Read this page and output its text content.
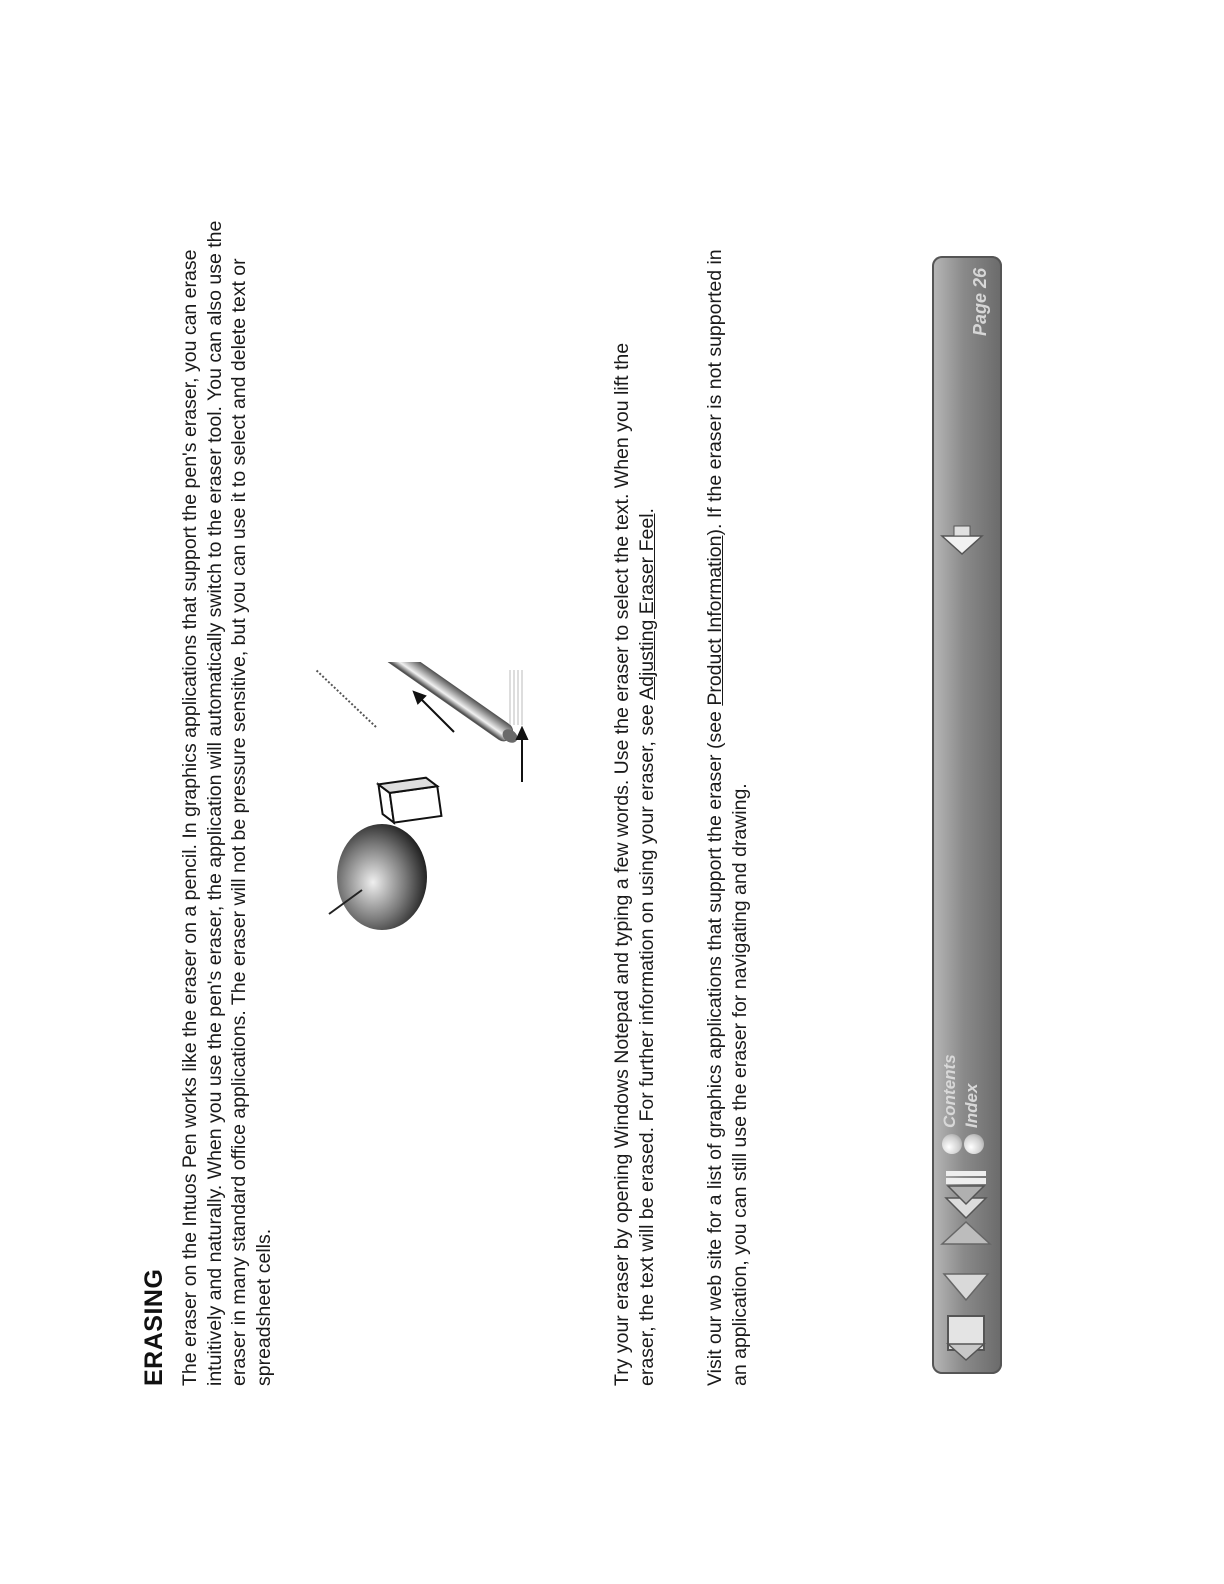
ERASING The eraser on the Intuos Pen works like the eraser on a pencil. In graphics applications that support the pen's eraser, you can erase intuitively and naturally. When you use the pen's eraser, the application will automatically switch to the eraser tool. You can also use the eraser in many standard office applications. The eraser will not be pressure sensitive, but you can use it to select and delete text or spreadsheet cells.	Try your eraser by opening Windows Notepad and typing a few words. Use the eraser to select the text. When you lift the eraser, the text will be erased. For further information on using your eraser, see Adjusting Eraser Feel.

Visit our web site for a list of graphics applications that support the eraser (see Product Information). If the eraser is not supported in an application, you can still use the eraser for navigating and drawing.	Contents Index
Page 26
